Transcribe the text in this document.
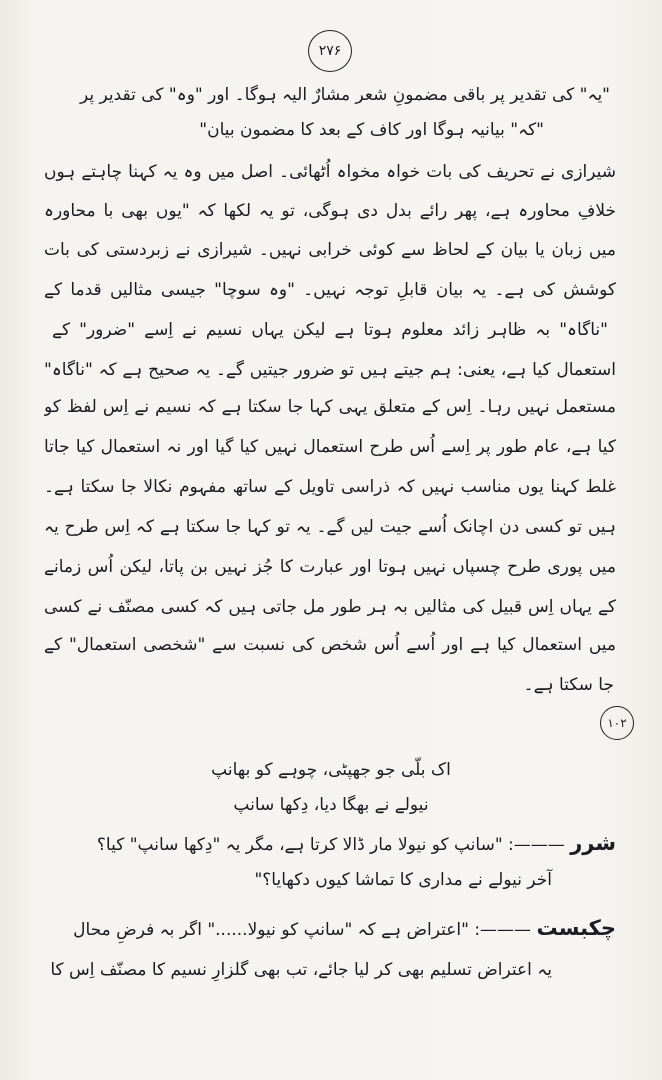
۲۷۶
"یہ" کی تقدیر پر باقی مضمونِ شعر مشارٌ الیہ ہوگا۔ اور "وہ" کی تقدیر پر
"کہ" بیانیہ ہوگا اور کاف کے بعد کا مضمون بیان"
شیرازی نے تحریف کی بات خواہ مخواہ اُٹھائی۔ اصل میں وہ یہ کہنا چاہتے ہوں
خلافِ محاورہ ہے، پھر رائے بدل دی ہوگی، تو یہ لکھا کہ "یوں بھی با محاورہ
میں زبان یا بیان کے لحاظ سے کوئی خرابی نہیں۔ شیرازی نے زبردستی کی بات
کوشش کی ہے۔ یہ بیان قابلِ توجہ نہیں۔ "وہ سوچا" جیسی مثالیں قدما کے
"ناگاہ" بہ ظاہر زائد معلوم ہوتا ہے لیکن یہاں نسیم نے اِسے "ضرور" کے
استعمال کیا ہے، یعنی: ہم جیتے ہیں تو ضرور جیتیں گے۔ یہ صحیح ہے کہ "ناگاہ"
مستعمل نہیں رہا۔ اِس کے متعلق یہی کہا جا سکتا ہے کہ نسیم نے اِس لفظ کو
کیا ہے، عام طور پر اِسے اُس طرح استعمال نہیں کیا گیا اور نہ استعمال کیا جاتا
غلط کہنا یوں مناسب نہیں کہ ذراسی تاویل کے ساتھ مفہوم نکالا جا سکتا ہے۔
ہیں تو کسی دن اچانک اُسے جیت لیں گے۔ یہ تو کہا جا سکتا ہے کہ اِس طرح یہ
میں پوری طرح چسپاں نہیں ہوتا اور عبارت کا جُز نہیں بن پاتا، لیکن اُس زمانے
کے یہاں اِس قبیل کی مثالیں بہ ہر طور مل جاتی ہیں کہ کسی مصنّف نے کسی
میں استعمال کیا ہے اور اُسے اُس شخص کی نسبت سے "شخصی استعمال" کے
جا سکتا ہے۔
۱۰۲
اک بلّی جو جھپٹی، چوہے کو بھانپ
نیولے نے بھگا دیا، دِکھا سانپ
شرر ———: "سانپ کو نیولا مار ڈالا کرتا ہے، مگر یہ "دِکھا سانپ" کیا؟
آخر نیولے نے مداری کا تماشا کیوں دکھایا؟"
چکبست ———: "اعتراض ہے کہ "سانپ کو نیولا......" اگر بہ فرضِ محال
یہ اعتراض تسلیم بھی کر لیا جائے، تب بھی گلزارِ نسیم کا مصنّف اِس کا
